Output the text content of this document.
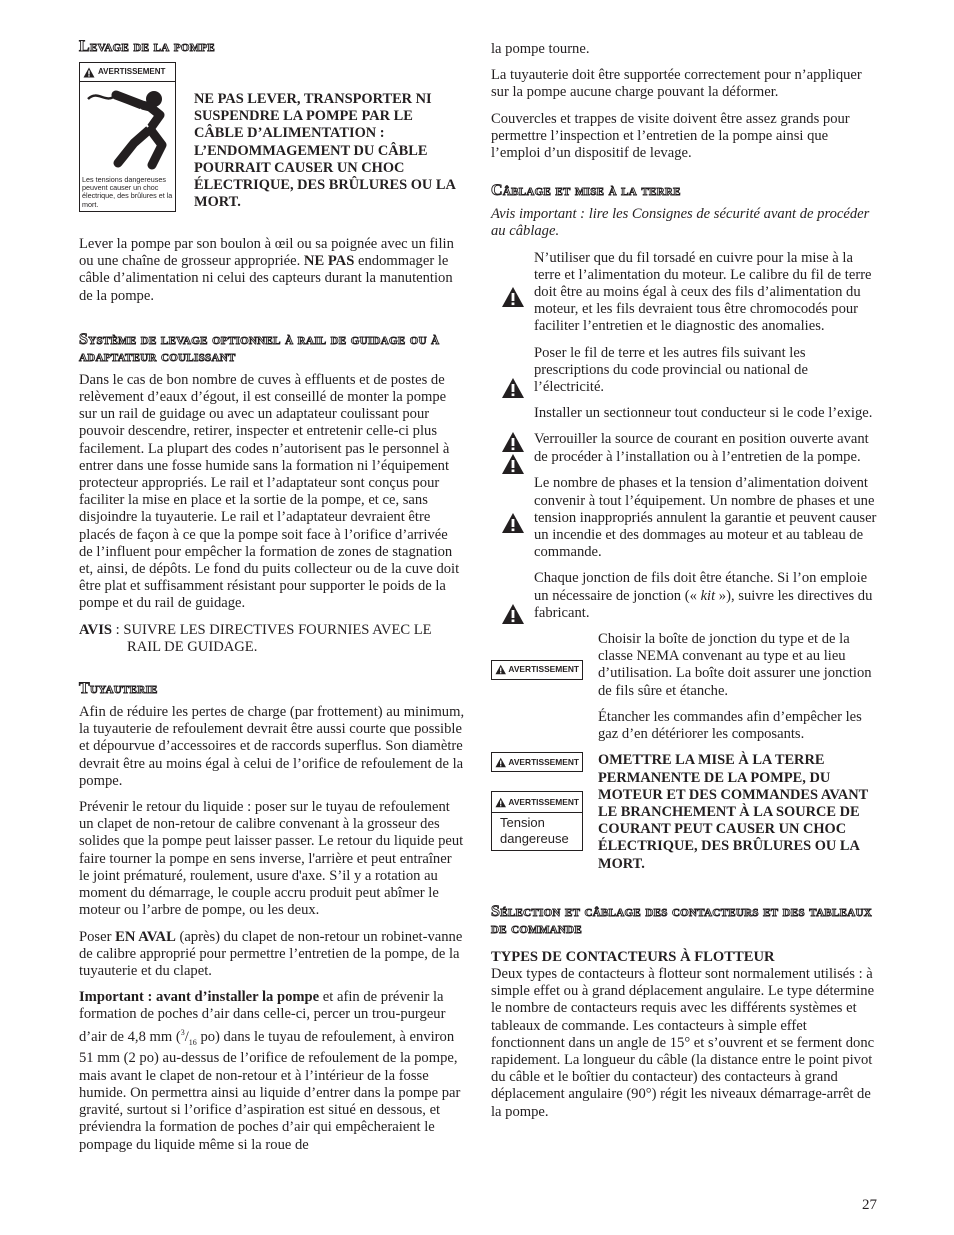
Levage de la pompe
AVERTISSEMENT
Les tensions dangereuses peuvent causer un choc électrique, des brûlures et la mort.
NE PAS LEVER, TRANSPORTER NI SUSPENDRE LA POMPE PAR LE CÂBLE D’ALIMENTATION : L’ENDOMMAGEMENT DU CÂBLE POURRAIT CAUSER UN CHOC ÉLECTRIQUE, DES BRÛLURES OU LA MORT.

Lever la pompe par son boulon à œil ou sa poignée avec un filin ou une chaîne de grosseur appropriée. NE PAS endommager le câble d’alimentation ni celui des capteurs durant la manutention de la pompe.

Système de levage optionnel à rail de guidage ou à adaptateur coulissant

Dans le cas de bon nombre de cuves à effluents et de postes de relèvement d’eaux d’égout, il est conseillé de monter la pompe sur un rail de guidage ou avec un adaptateur coulissant pour pouvoir descendre, retirer, inspecter et entretenir celle-ci plus facilement. La plupart des codes n’autorisent pas le personnel à entrer dans une fosse humide sans la formation ni l’équipement protecteur appropriés. Le rail et l’adaptateur sont conçus pour faciliter la mise en place et la sortie de la pompe, et ce, sans disjoindre la tuyauterie. Le rail et l’adaptateur devraient être placés de façon à ce que la pompe soit face à l’orifice d’arrivée de l’influent pour empêcher la formation de zones de stagnation et, ainsi, de dépôts. Le fond du puits collecteur ou de la cuve doit être plat et suffisamment résistant pour supporter le poids de la pompe et du rail de guidage.

AVIS : SUIVRE LES DIRECTIVES FOURNIES AVEC LE RAIL DE GUIDAGE.

Tuyauterie

Afin de réduire les pertes de charge (par frottement) au minimum, la tuyauterie de refoulement devrait être aussi courte que possible et dépourvue d’accessoires et de raccords superflus. Son diamètre devrait être au moins égal à celui de l’orifice de refoulement de la pompe.

Prévenir le retour du liquide : poser sur le tuyau de refoulement un clapet de non-retour de calibre convenant à la grosseur des solides que la pompe peut laisser passer. Le retour du liquide peut faire tourner la pompe en sens inverse, l'arrière et peut entraîner le joint prématuré, roulement, usure d'axe. S’il y a rotation au moment du démarrage, le couple accru produit peut abîmer le moteur ou l’arbre de pompe, ou les deux.

Poser EN AVAL (après) du clapet de non-retour un robinet-vanne de calibre approprié pour permettre l’entretien de la pompe, de la tuyauterie et du clapet.

Important : avant d’installer la pompe et afin de prévenir la formation de poches d’air dans celle-ci, percer un trou-purgeur d’air de 4,8 mm ($^3/_{16}$ po) dans le tuyau de refoulement, à environ 51 mm (2 po) au-dessus de l’orifice de refoulement de la pompe, mais avant le clapet de non-retour et à l’intérieur de la fosse humide. On permettra ainsi au liquide d’entrer dans la pompe par gravité, surtout si l’orifice d’aspiration est situé en dessous, et préviendra la formation de poches d’air qui empêcheraient le pompage du liquide même si la roue de

la pompe tourne.

La tuyauterie doit être supportée correctement pour n’appliquer sur la pompe aucune charge pouvant la déformer.

Couvercles et trappes de visite doivent être assez grands pour permettre l’inspection et l’entretien de la pompe ainsi que l’emploi d’un dispositif de levage.

Câblage et mise à la terre

Avis important : lire les Consignes de sécurité avant de procéder au câblage.

N’utiliser que du fil torsadé en cuivre pour la mise à la terre et l’alimentation du moteur. Le calibre du fil de terre doit être au moins égal à ceux des fils d’alimentation du moteur, et les fils devraient tous être chromocodés pour faciliter l’entretien et le diagnostic des anomalies.

Poser le fil de terre et les autres fils suivant les prescriptions du code provincial ou national de l’électricité.

Installer un sectionneur tout conducteur si le code l’exige.

Verrouiller la source de courant en position ouverte avant de procéder à l’installation ou à l’entretien de la pompe.

Le nombre de phases et la tension d’alimentation doivent convenir à tout l’équipement. Un nombre de phases et une tension inappropriés annulent la garantie et peuvent causer un incendie et des dommages au moteur et au tableau de commande.

Chaque jonction de fils doit être étanche. Si l’on emploie un nécessaire de jonction (« kit »), suivre les directives du fabricant.

AVERTISSEMENT

Choisir la boîte de jonction du type et de la classe NEMA convenant au type et au lieu d’utilisation. La boîte doit assurer une jonction de fils sûre et étanche.

Étancher les commandes afin d’empêcher les gaz d’en détériorer les composants.

AVERTISSEMENT
AVERTISSEMENT
Tension dangereuse

OMETTRE LA MISE À LA TERRE PERMANENTE DE LA POMPE, DU MOTEUR ET DES COMMANDES AVANT LE BRANCHEMENT À LA SOURCE DE COURANT PEUT CAUSER UN CHOC ÉLECTRIQUE, DES BRÛLURES OU LA MORT.

Sélection et câblage des contacteurs et des tableaux de commande
TYPES DE CONTACTEURS À FLOTTEUR

Deux types de contacteurs à flotteur sont normalement utilisés : à simple effet ou à grand déplacement angulaire. Le type détermine le nombre de contacteurs requis avec les différents systèmes et tableaux de commande. Les contacteurs à simple effet fonctionnent dans un angle de 15° et s’ouvrent et se ferment donc rapidement. La longueur du câble (la distance entre le point pivot du câble et le boîtier du contacteur) des contacteurs à grand déplacement angulaire (90°) régit les niveaux démarrage-arrêt de la pompe.

27
